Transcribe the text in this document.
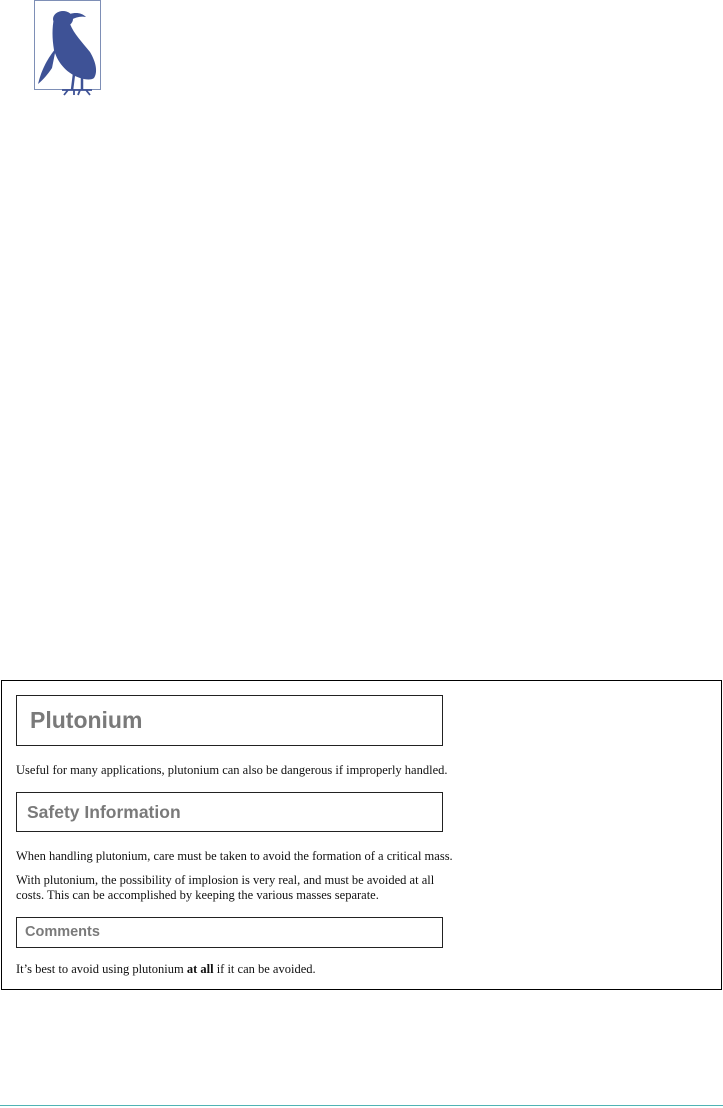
Plutonium
Useful for many applications, plutonium can also be dangerous if improperly handled.
Safety Information
When handling plutonium, care must be taken to avoid the formation of a critical mass.
With plutonium, the possibility of implosion is very real, and must be avoided at all costs. This can be accomplished by keeping the various masses separate.
Comments
It’s best to avoid using plutonium at all if it can be avoided.
